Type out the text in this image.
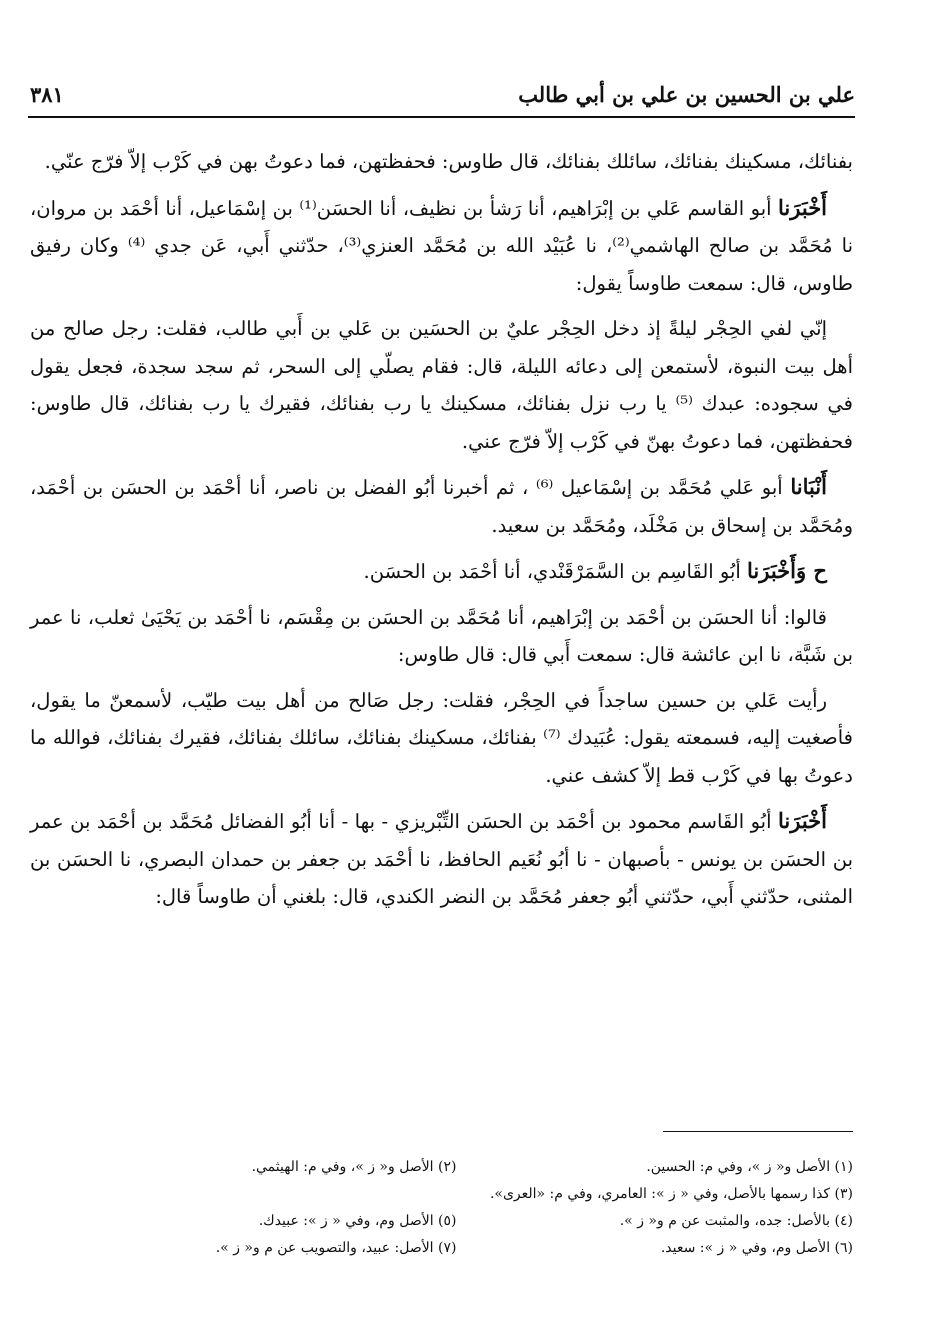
علي بن الحسين بن علي بن أبي طالب
٣٨١

بفنائك، مسكينك بفنائك، سائلك بفنائك، قال طاوس: فحفظتهن، فما دعوتُ بهن في كَرْب إلاّ فرّج عنّي.

أَخْبَرَنا أبو القاسم عَلي بن إبْرَاهيم، أنا رَشأ بن نظيف، أنا الحسَن⁽¹⁾ بن إسْمَاعيل، أنا أحْمَد بن مروان، نا مُحَمَّد بن صالح الهاشمي⁽²⁾، نا عُبَيْد الله بن مُحَمَّد العنزي⁽³⁾، حدّثني أَبي، عَن جدي ⁽⁴⁾ وكان رفيق طاوس، قال: سمعت طاوساً يقول:

إنّي لفي الحِجْر ليلةً إذ دخل الحِجْر عليٌ بن الحسَين بن عَلي بن أَبي طالب، فقلت: رجل صالح من أهل بيت النبوة، لأستمعن إلى دعائه الليلة، قال: فقام يصلّي إلى السحر، ثم سجد سجدة، فجعل يقول في سجوده: عبدك ⁽⁵⁾ يا رب نزل بفنائك، مسكينك يا رب بفنائك، فقيرك يا رب بفنائك، قال طاوس: فحفظتهن، فما دعوتُ بهنّ في كَرْب إلاّ فرّج عني.

أَنْبَانا أبو عَلي مُحَمَّد بن إسْمَاعيل ⁽⁶⁾ ، ثم أخبرنا أبُو الفضل بن ناصر، أنا أحْمَد بن الحسَن بن أحْمَد، ومُحَمَّد بن إسحاق بن مَخْلَد، ومُحَمَّد بن سعيد.

ح وَأَخْبَرَنا أبُو القَاسِم بن السَّمَرْقَنْدي، أنا أحْمَد بن الحسَن.

قالوا: أنا الحسَن بن أحْمَد بن إبْرَاهيم، أنا مُحَمَّد بن الحسَن بن مِقْسَم، نا أحْمَد بن يَحْيَىٰ ثعلب، نا عمر بن شَبَّة، نا ابن عائشة قال: سمعت أَبي قال: قال طاوس:

رأيت عَلي بن حسين ساجداً في الحِجْر، فقلت: رجل صَالح من أهل بيت طيّب، لأسمعنّ ما يقول، فأصغيت إليه، فسمعته يقول: عُبَيدك ⁽⁷⁾ بفنائك، مسكينك بفنائك، سائلك بفنائك، فقيرك بفنائك، فوالله ما دعوتُ بها في كَرْب قط إلاّ كشف عني.

أَخْبَرَنا أبُو القَاسم محمود بن أحْمَد بن الحسَن التِّبْريزي - بها - أنا أبُو الفضائل مُحَمَّد بن أحْمَد بن عمر بن الحسَن بن يونس - بأصبهان - نا أبُو نُعَيم الحافظ، نا أحْمَد بن جعفر بن حمدان البصري، نا الحسَن بن المثنى، حدّثني أَبي، حدّثني أبُو جعفر مُحَمَّد بن النضر الكندي، قال: بلغني أن طاوساً قال:

(١) الأصل و« ز »، وفي م: الحسين.
(٢) الأصل و« ز »، وفي م: الهيثمي.
(٣) كذا رسمها بالأصل، وفي « ز »: العامري، وفي م: «العرى».
(٤) بالأصل: جده، والمثبت عن م و« ز ».
(٥) الأصل وم، وفي « ز »: عبيدك.
(٦) الأصل وم، وفي « ز »: سعيد.
(٧) الأصل: عبيد، والتصويب عن م و« ز ».
